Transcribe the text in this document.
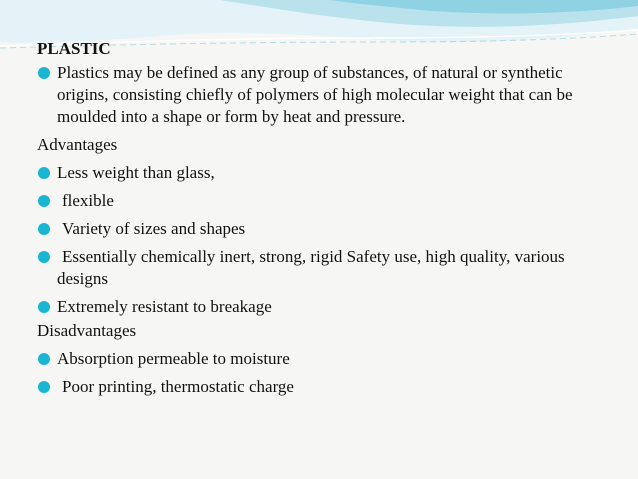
PLASTIC
Plastics may be defined as any group of substances, of natural or synthetic origins, consisting chiefly of polymers of high molecular weight that can be moulded into a shape or form by heat and pressure.
Advantages
Less weight than glass,
flexible
Variety of sizes and shapes
Essentially chemically inert, strong, rigid Safety use, high quality, various designs
Extremely resistant to breakage
Disadvantages
Absorption permeable to moisture
Poor printing, thermostatic charge
